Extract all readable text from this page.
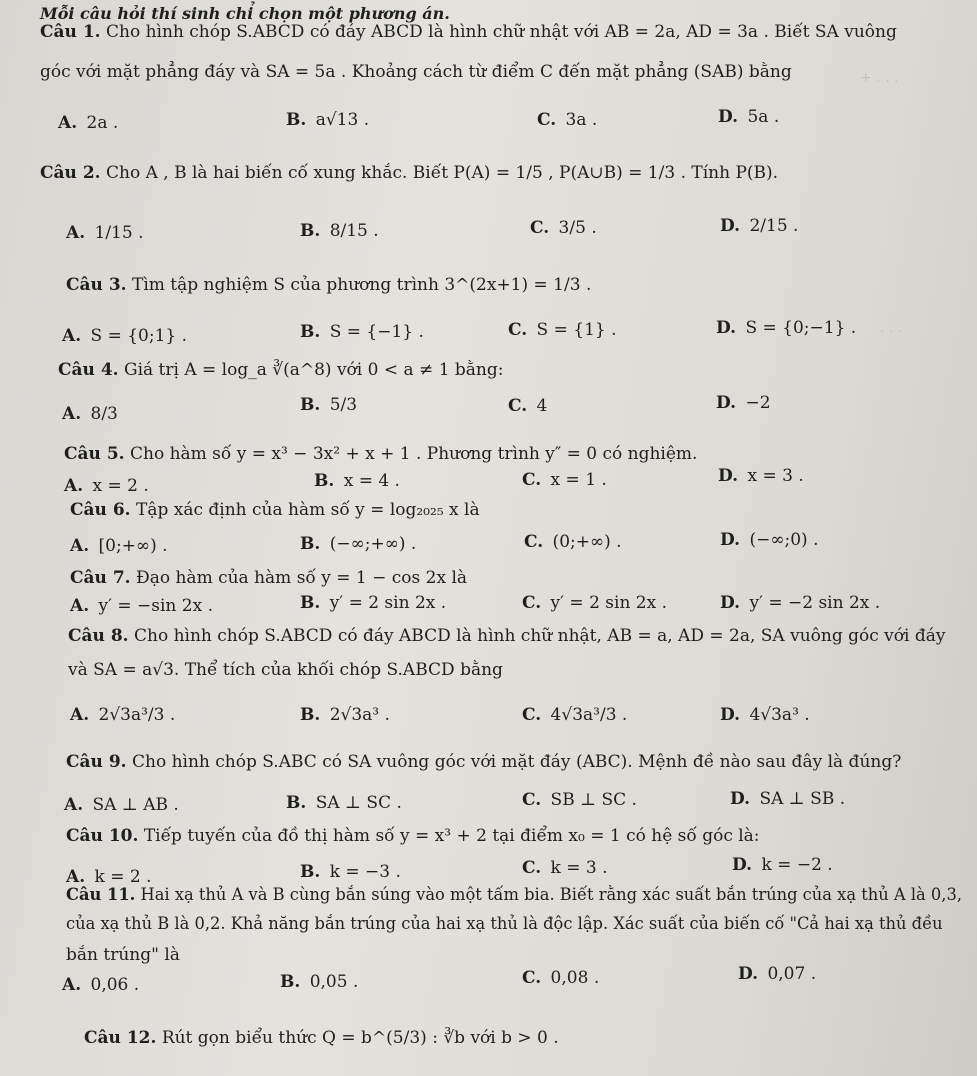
+ . . .
. . .
Mỗi câu hỏi thí sinh chỉ chọn một phương án.
Câu 1. Cho hình chóp S.ABCD có đáy ABCD là hình chữ nhật với AB = 2a, AD = 3a . Biết SA vuông
góc với mặt phẳng đáy và SA = 5a . Khoảng cách từ điểm C đến mặt phẳng (SAB) bằng
A. 2a .	B. a√13 .	C. 3a .	D. 5a .
Câu 2. Cho A , B là hai biến cố xung khắc. Biết P(A) = 1/5 , P(A∪B) = 1/3 . Tính P(B).
A. 1/15 .	B. 8/15 .	C. 3/5 .	D. 2/15 .
Câu 3. Tìm tập nghiệm S của phương trình 3^(2x+1) = 1/3 .
A. S = {0;1} .	B. S = {−1} .	C. S = {1} .	D. S = {0;−1} .
Câu 4. Giá trị A = log_a ∛(a^8) với 0 < a ≠ 1 bằng:
A. 8/3	B. 5/3	C. 4	D. −2
Câu 5. Cho hàm số y = x³ − 3x² + x + 1 . Phương trình y″ = 0 có nghiệm.
A. x = 2 .	B. x = 4 .	C. x = 1 .	D. x = 3 .
Câu 6. Tập xác định của hàm số y = log₂₀₂₅ x là
A. [0;+∞) .	B. (−∞;+∞) .	C. (0;+∞) .	D. (−∞;0) .
Câu 7. Đạo hàm của hàm số y = 1 − cos 2x là
A. y′ = −sin 2x .	B. y′ = 2 sin 2x .	C. y′ = 2 sin 2x .	D. y′ = −2 sin 2x .
Câu 8. Cho hình chóp S.ABCD có đáy ABCD là hình chữ nhật, AB = a, AD = 2a, SA vuông góc với đáy
và SA = a√3. Thể tích của khối chóp S.ABCD bằng
A. 2√3a³/3 .	B. 2√3a³ .	C. 4√3a³/3 .	D. 4√3a³ .
Câu 9. Cho hình chóp S.ABC có SA vuông góc với mặt đáy (ABC). Mệnh đề nào sau đây là đúng?
A. SA ⊥ AB .	B. SA ⊥ SC .	C. SB ⊥ SC .	D. SA ⊥ SB .
Câu 10. Tiếp tuyến của đồ thị hàm số y = x³ + 2 tại điểm x₀ = 1 có hệ số góc là:
A. k = 2 .	B. k = −3 .	C. k = 3 .	D. k = −2 .
Câu 11. Hai xạ thủ A và B cùng bắn súng vào một tấm bia. Biết rằng xác suất bắn trúng của xạ thủ A là 0,3,
của xạ thủ B là 0,2. Khả năng bắn trúng của hai xạ thủ là độc lập. Xác suất của biến cố "Cả hai xạ thủ đều
bắn trúng" là
A. 0,06 .	B. 0,05 .	C. 0,08 .	D. 0,07 .
Câu 12. Rút gọn biểu thức Q = b^(5/3) : ∛b với b > 0 .
